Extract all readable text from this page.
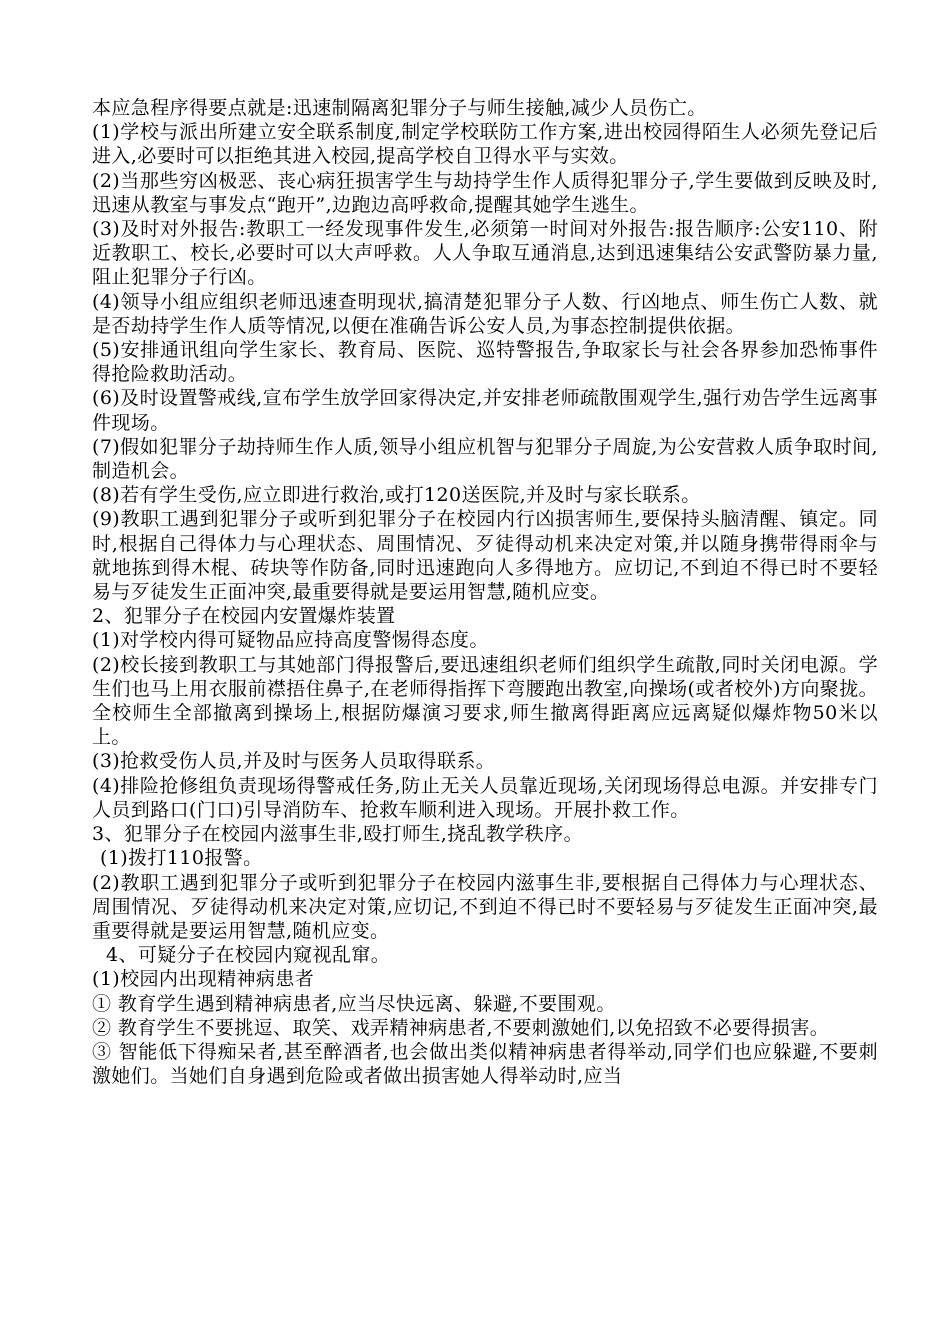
本应急程序得要点就是:迅速制隔离犯罪分子与师生接触,减少人员伤亡。

(1)学校与派出所建立安全联系制度,制定学校联防工作方案,进出校园得陌生人必须先登记后进入,必要时可以拒绝其进入校园,提高学校自卫得水平与实效。

(2)当那些穷凶极恶、丧心病狂损害学生与劫持学生作人质得犯罪分子,学生要做到反映及时,迅速从教室与事发点“跑开”,边跑边高呼救命,提醒其她学生逃生。

(3)及时对外报告:教职工一经发现事件发生,必须第一时间对外报告:报告顺序:公安110、附近教职工、校长,必要时可以大声呼救。人人争取互通消息,达到迅速集结公安武警防暴力量,阻止犯罪分子行凶。

(4)领导小组应组织老师迅速查明现状,搞清楚犯罪分子人数、行凶地点、师生伤亡人数、就是否劫持学生作人质等情况,以便在准确告诉公安人员,为事态控制提供依据。

(5)安排通讯组向学生家长、教育局、医院、巡特警报告,争取家长与社会各界参加恐怖事件得抢险救助活动。

(6)及时设置警戒线,宣布学生放学回家得决定,并安排老师疏散围观学生,强行劝告学生远离事件现场。

(7)假如犯罪分子劫持师生作人质,领导小组应机智与犯罪分子周旋,为公安营救人质争取时间,制造机会。

(8)若有学生受伤,应立即进行救治,或打120送医院,并及时与家长联系。

(9)教职工遇到犯罪分子或听到犯罪分子在校园内行凶损害师生,要保持头脑清醒、镇定。同时,根据自己得体力与心理状态、周围情况、歹徒得动机来决定对策,并以随身携带得雨伞与就地拣到得木棍、砖块等作防备,同时迅速跑向人多得地方。应切记,不到迫不得已时不要轻易与歹徒发生正面冲突,最重要得就是要运用智慧,随机应变。

2、犯罪分子在校园内安置爆炸装置

(1)对学校内得可疑物品应持高度警惕得态度。

(2)校长接到教职工与其她部门得报警后,要迅速组织老师们组织学生疏散,同时关闭电源。学生们也马上用衣服前襟捂住鼻子,在老师得指挥下弯腰跑出教室,向操场(或者校外)方向聚拢。全校师生全部撤离到操场上,根据防爆演习要求,师生撤离得距离应远离疑似爆炸物50米以上。

(3)抢救受伤人员,并及时与医务人员取得联系。

(4)排险抢修组负责现场得警戒任务,防止无关人员靠近现场,关闭现场得总电源。并安排专门人员到路口(门口)引导消防车、抢救车顺利进入现场。开展扑救工作。

3、犯罪分子在校园内滋事生非,殴打师生,挠乱教学秩序。

(1)拨打110报警。

(2)教职工遇到犯罪分子或听到犯罪分子在校园内滋事生非,要根据自己得体力与心理状态、周围情况、歹徒得动机来决定对策,应切记,不到迫不得已时不要轻易与歹徒发生正面冲突,最重要得就是要运用智慧,随机应变。

4、可疑分子在校园内窥视乱窜。

(1)校园内出现精神病患者

① 教育学生遇到精神病患者,应当尽快远离、躲避,不要围观。

② 教育学生不要挑逗、取笑、戏弄精神病患者,不要刺激她们,以免招致不必要得损害。

③ 智能低下得痴呆者,甚至醉酒者,也会做出类似精神病患者得举动,同学们也应躲避,不要刺激她们。当她们自身遇到危险或者做出损害她人得举动时,应当
